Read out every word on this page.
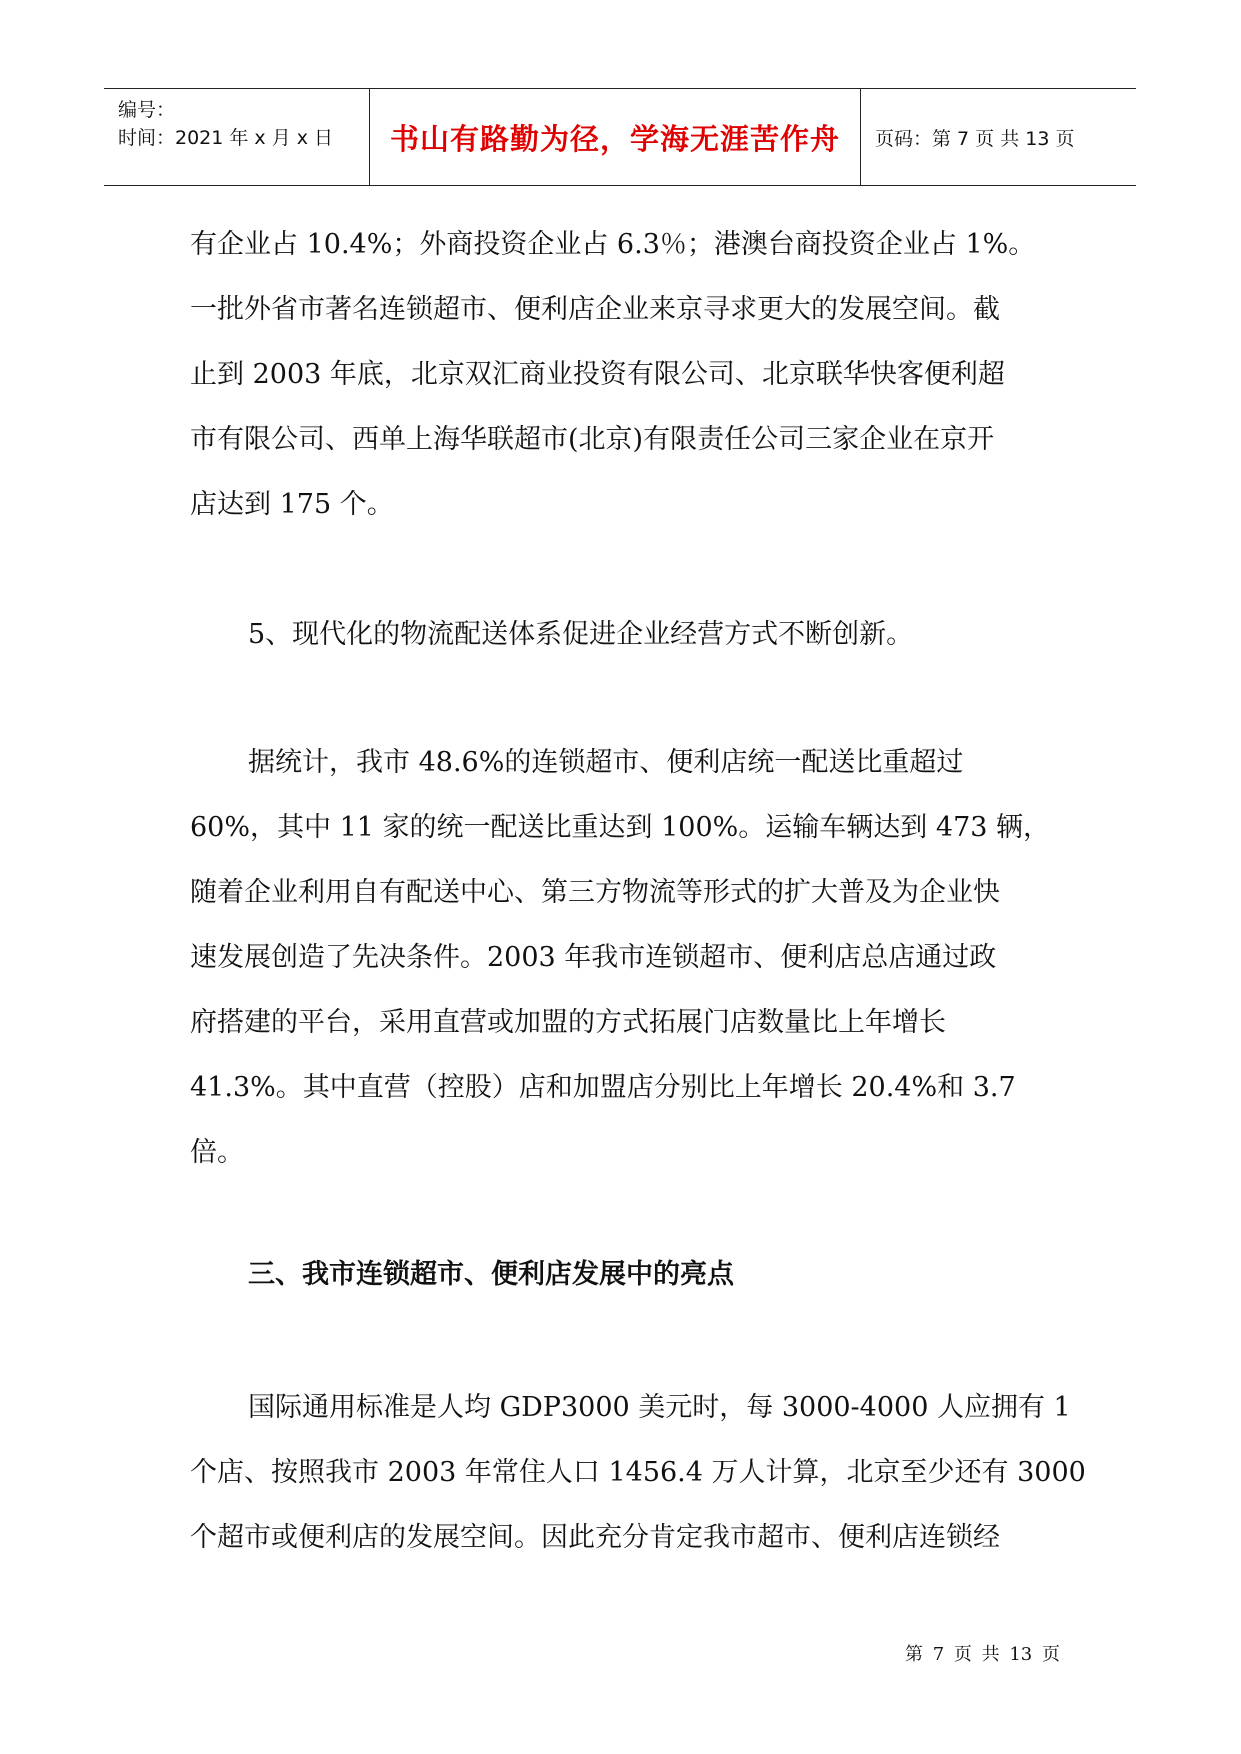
编号：
时间：2021 年 x 月 x 日 书山有路勤为径，学海无涯苦作舟 页码：第 7 页 共 13 页
有企业占 10.4%；外商投资企业占 6.3％；港澳台商投资企业占 1%。
一批外省市著名连锁超市、便利店企业来京寻求更大的发展空间。截
止到 2003 年底，北京双汇商业投资有限公司、北京联华快客便利超
市有限公司、西单上海华联超市(北京)有限责任公司三家企业在京开
店达到 175 个。
5、现代化的物流配送体系促进企业经营方式不断创新。
据统计，我市 48.6%的连锁超市、便利店统一配送比重超过
60%，其中 11 家的统一配送比重达到 100%。运输车辆达到 473 辆，
随着企业利用自有配送中心、第三方物流等形式的扩大普及为企业快
速发展创造了先决条件。2003 年我市连锁超市、便利店总店通过政
府搭建的平台，采用直营或加盟的方式拓展门店数量比上年增长
41.3%。其中直营（控股）店和加盟店分别比上年增长 20.4%和 3.7
倍。
三、我市连锁超市、便利店发展中的亮点
国际通用标准是人均 GDP3000 美元时，每 3000-4000 人应拥有 1
个店、按照我市 2003 年常住人口 1456.4 万人计算，北京至少还有 3000
个超市或便利店的发展空间。因此充分肯定我市超市、便利店连锁经
第 7 页 共 13 页
